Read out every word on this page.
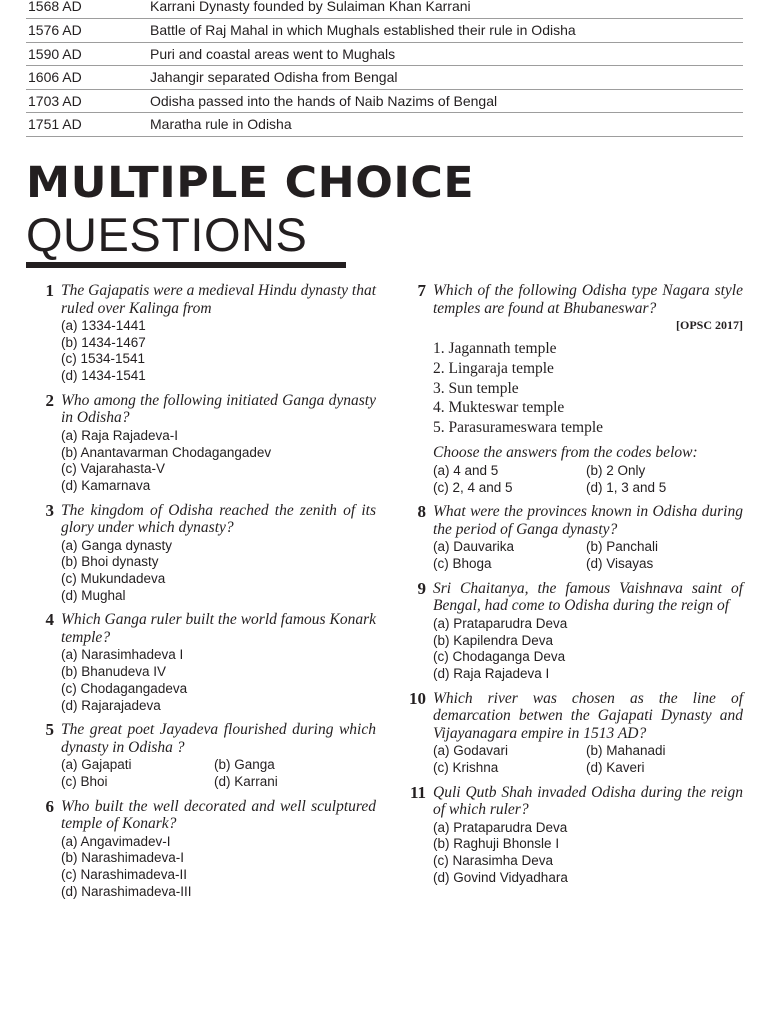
1568 AD	Karrani Dynasty founded by Sulaiman Khan Karrani
1576 AD	Battle of Raj Mahal in which Mughals established their rule in Odisha
1590 AD	Puri and coastal areas went to Mughals
1606 AD	Jahangir separated Odisha from Bengal
1703 AD	Odisha passed into the hands of Naib Nazims of Bengal
1751 AD	Maratha rule in Odisha
MULTIPLE CHOICE
QUESTIONS
1 The Gajapatis were a medieval Hindu dynasty that ruled over Kalinga from
(a) 1334-1441
(b) 1434-1467
(c) 1534-1541
(d) 1434-1541
2 Who among the following initiated Ganga dynasty in Odisha?
(a) Raja Rajadeva-I
(b) Anantavarman Chodagangadev
(c) Vajarahasta-V
(d) Kamarnava
3 The kingdom of Odisha reached the zenith of its glory under which dynasty?
(a) Ganga dynasty
(b) Bhoi dynasty
(c) Mukundadeva
(d) Mughal
4 Which Ganga ruler built the world famous Konark temple?
(a) Narasimhadeva I
(b) Bhanudeva IV
(c) Chodagangadeva
(d) Rajarajadeva
5 The great poet Jayadeva flourished during which dynasty in Odisha ?
(a) Gajapati	(b) Ganga
(c) Bhoi	(d) Karrani
6 Who built the well decorated and well sculptured temple of Konark?
(a) Angavimadev-I
(b) Narashimadeva-I
(c) Narashimadeva-II
(d) Narashimadeva-III
7 Which of the following Odisha type Nagara style temples are found at Bhubaneswar?
[OPSC 2017]
1. Jagannath temple
2. Lingaraja temple
3. Sun temple
4. Mukteswar temple
5. Parasurameswara temple
Choose the answers from the codes below:
(a) 4 and 5	(b) 2 Only
(c) 2, 4 and 5	(d) 1, 3 and 5
8 What were the provinces known in Odisha during the period of Ganga dynasty?
(a) Dauvarika	(b) Panchali
(c) Bhoga	(d) Visayas
9 Sri Chaitanya, the famous Vaishnava saint of Bengal, had come to Odisha during the reign of
(a) Prataparudra Deva
(b) Kapilendra Deva
(c) Chodaganga Deva
(d) Raja Rajadeva I
10 Which river was chosen as the line of demarcation betwen the Gajapati Dynasty and Vijayanagara empire in 1513 AD?
(a) Godavari	(b) Mahanadi
(c) Krishna	(d) Kaveri
11 Quli Qutb Shah invaded Odisha during the reign of which ruler?
(a) Prataparudra Deva
(b) Raghuji Bhonsle I
(c) Narasimha Deva
(d) Govind Vidyadhara
